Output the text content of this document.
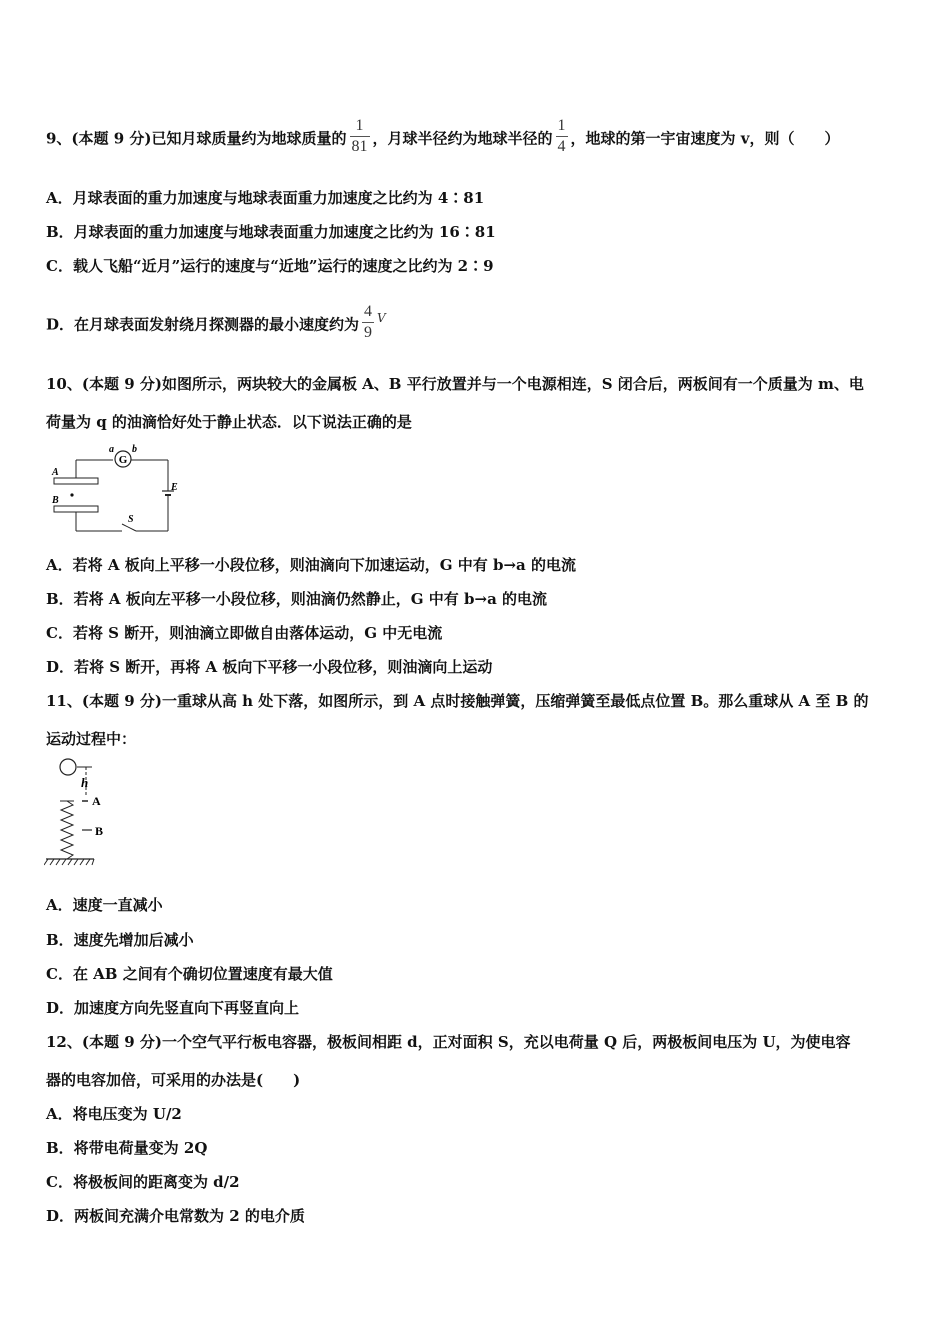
9、(本题 9 分)已知月球质量约为地球质量的 $\frac{1}{81}$ ，月球半径约为地球半径的 $\frac{1}{4}$ ，地球的第一宇宙速度为 v，则（　　）
A．月球表面的重力加速度与地球表面重力加速度之比约为 4∶81
B．月球表面的重力加速度与地球表面重力加速度之比约为 16∶81
C．载人飞船“近月”运行的速度与“近地”运行的速度之比约为 2∶9
D．在月球表面发射绕月探测器的最小速度约为 $\frac{4}{9} ^V$
10、(本题 9 分)如图所示，两块较大的金属板 A、B 平行放置并与一个电源相连，S 闭合后，两板间有一个质量为 m、电
荷量为 q 的油滴恰好处于静止状态．以下说法正确的是
G
a b
E
S
A
B
A．若将 A 板向上平移一小段位移，则油滴向下加速运动，G 中有 b→a 的电流
B．若将 A 板向左平移一小段位移，则油滴仍然静止，G 中有 b→a 的电流
C．若将 S 断开，则油滴立即做自由落体运动，G 中无电流
D．若将 S 断开，再将 A 板向下平移一小段位移，则油滴向上运动
11、(本题 9 分)一重球从高 h 处下落，如图所示，到 A 点时接触弹簧，压缩弹簧至最低点位置 B。那么重球从 A 至 B 的
运动过程中：
h
A
B
A．速度一直减小
B．速度先增加后减小
C．在 AB 之间有个确切位置速度有最大值
D．加速度方向先竖直向下再竖直向上
12、(本题 9 分)一个空气平行板电容器，极板间相距 d，正对面积 S，充以电荷量 Q 后，两极板间电压为 U，为使电容
器的电容加倍，可采用的办法是(　　)
A．将电压变为 U/2
B．将带电荷量变为 2Q
C．将极板间的距离变为 d/2
D．两板间充满介电常数为 2 的电介质
